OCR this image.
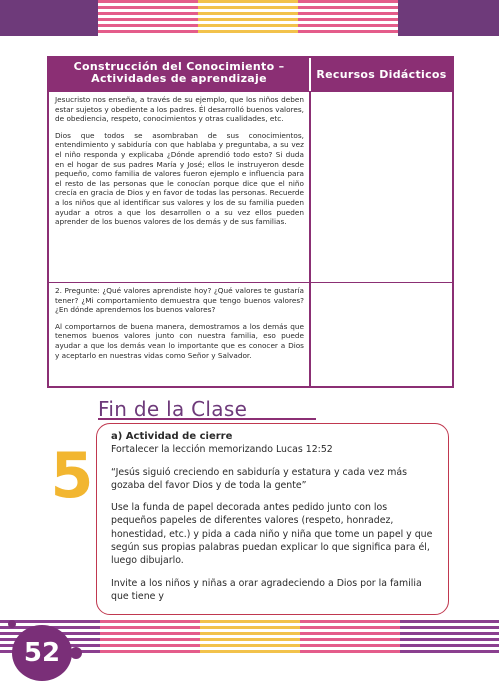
Construcción del Conocimiento – Actividades de aprendizaje	Recursos Didácticos

Jesucristo nos enseña, a través de su ejemplo, que los niños deben estar sujetos y obediente a los padres. Él desarrolló buenos valores, de obediencia, respeto, conocimientos y otras cualidades, etc.

Dios que todos se asombraban de sus conocimientos, entendimiento y sabiduría con que hablaba y preguntaba, a su vez el niño responda y explicaba ¿Dónde aprendió todo esto? Si duda en el hogar de sus padres María y José; ellos le instruyeron desde pequeño, como familia de valores fueron ejemplo e influencia para el resto de las personas que le conocían porque dice que el niño crecía en gracia de Dios y en favor de todas las personas. Recuerde a los niños que al identificar sus valores y los de su familia pueden ayudar a otros a que los desarrollen o a su vez ellos pueden aprender de los buenos valores de los demás y de sus familias.

2. Pregunte: ¿Qué valores aprendiste hoy? ¿Qué valores te gustaría tener? ¿Mi comportamiento demuestra que tengo buenos valores? ¿En dónde aprendemos los buenos valores?

Al comportarnos de buena manera, demostramos a los demás que tenemos buenos valores junto con nuestra familia, eso puede ayudar a que los demás vean lo importante que es conocer a Dios y aceptarlo en nuestras vidas como Señor y Salvador.

Fin de la Clase
5

a) Actividad de cierre

Fortalecer la lección memorizando Lucas 12:52

“Jesús siguió creciendo en sabiduría y estatura y cada vez más gozaba del favor Dios y de toda la gente”

Use la funda de papel decorada antes pedido junto con los pequeños papeles de diferentes valores (respeto, honradez, honestidad, etc.) y pida a cada niño y niña que tome un papel y que según sus propias palabras puedan explicar lo que significa para él, luego dibujarlo.

Invite a los niños y niñas a orar agradeciendo a Dios por la familia que tiene y

52
